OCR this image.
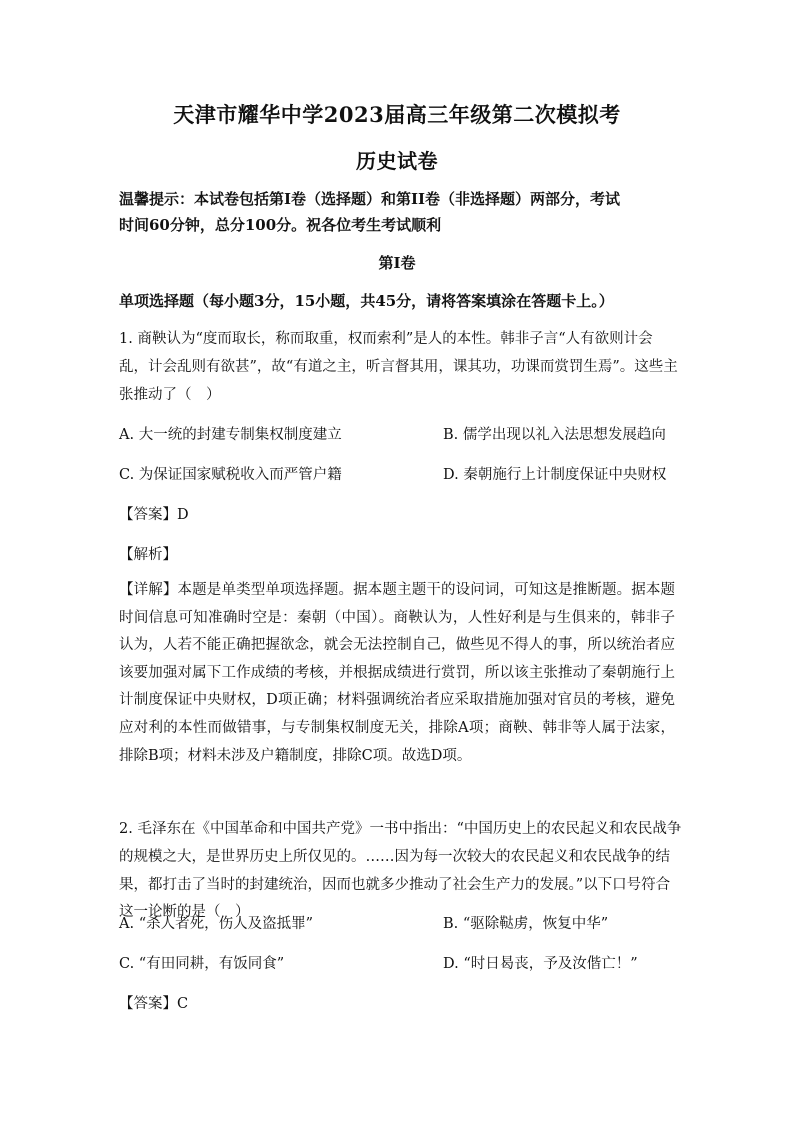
天津市耀华中学2023届高三年级第二次模拟考
历史试卷
温馨提示：本试卷包括第I卷（选择题）和第II卷（非选择题）两部分，考试
时间60分钟，总分100分。祝各位考生考试顺利
第I卷
单项选择题（每小题3分，15小题，共45分，请将答案填涂在答题卡上。）
1. 商鞅认为“度而取长，称而取重，权而索利”是人的本性。韩非子言“人有欲则计会
乱，计会乱则有欲甚”，故“有道之主，听言督其用，课其功，功课而赏罚生焉”。这些主
张推动了（　）
A. 大一统的封建专制集权制度建立	B. 儒学出现以礼入法思想发展趋向
C. 为保证国家赋税收入而严管户籍	D. 秦朝施行上计制度保证中央财权
【答案】D
【解析】
【详解】本题是单类型单项选择题。据本题主题干的设问词，可知这是推断题。据本题时间信息可知准确时空是：秦朝（中国）。商鞅认为，人性好利是与生俱来的，韩非子认为，人若不能正确把握欲念，就会无法控制自己，做些见不得人的事，所以统治者应该要加强对属下工作成绩的考核，并根据成绩进行赏罚，所以该主张推动了秦朝施行上计制度保证中央财权，D项正确；材料强调统治者应采取措施加强对官员的考核，避免应对利的本性而做错事，与专制集权制度无关，排除A项；商鞅、韩非等人属于法家，排除B项；材料未涉及户籍制度，排除C项。故选D项。
2. 毛泽东在《中国革命和中国共产党》一书中指出：“中国历史上的农民起义和农民战争
的规模之大，是世界历史上所仅见的。……因为每一次较大的农民起义和农民战争的结
果，都打击了当时的封建统治，因而也就多少推动了社会生产力的发展。”以下口号符合
这一论断的是（　）
A. “杀人者死，伤人及盗抵罪”	B. “驱除鞑虏，恢复中华”
C. “有田同耕，有饭同食”	D. “时日曷丧，予及汝偕亡！”
【答案】C
